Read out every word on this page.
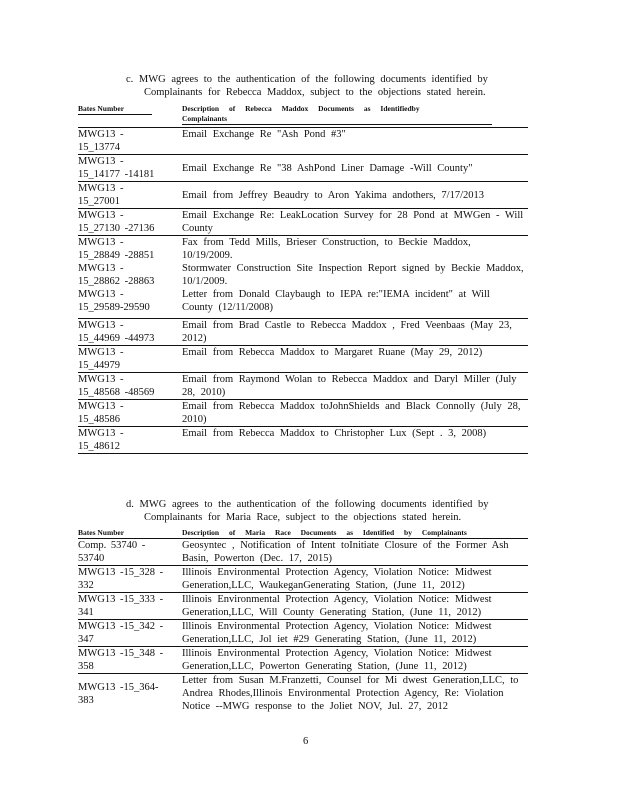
c. MWG agrees to the authentication of the following documents identified by
Complainants for Rebecca Maddox, subject to the objections stated herein.
Bates Number	Description of Rebecca Maddox Documents as Identifiedby
Complainants
MWG13 -
15_13774
Email Exchange Re "Ash Pond #3"
MWG13 -
15_14177 -14181
Email Exchange Re "38 AshPond Liner Damage -Will County"
MWG13 -
15_27001
Email from Jeffrey Beaudry to Aron Yakima andothers, 7/17/2013
MWG13 -
15_27130 -27136
Email Exchange Re: LeakLocation Survey for 28 Pond at MWGen - Will County
MWG13 -
15_28849 -28851
Fax from Tedd Mills, Brieser Construction, to Beckie Maddox, 10/19/2009.
MWG13 -
15_28862 -28863
Stormwater Construction Site Inspection Report signed by Beckie Maddox, 10/1/2009.
MWG13 -
15_29589-29590
Letter from Donald Claybaugh to IEPA re:"IEMA incident" at Will County (12/11/2008)
MWG13 -
15_44969 -44973
Email from Brad Castle to Rebecca Maddox , Fred Veenbaas (May 23, 2012)
MWG13 -
15_44979
Email from Rebecca Maddox to Margaret Ruane (May 29, 2012)
MWG13 -
15_48568 -48569
Email from Raymond Wolan to Rebecca Maddox and Daryl Miller (July 28, 2010)
MWG13 -
15_48586
Email from Rebecca Maddox toJohnShields and Black Connolly (July 28, 2010)
MWG13 -
15_48612
Email from Rebecca Maddox to Christopher Lux (Sept . 3, 2008)
d. MWG agrees to the authentication of the following documents identified by
Complainants for Maria Race, subject to the objections stated herein.
Bates Number	Description of Maria Race Documents as Identified by Complainants
Comp. 53740 -
53740
Geosyntec , Notification of Intent toInitiate Closure of the Former Ash Basin, Powerton (Dec. 17, 2015)
MWG13 -15_328 -
332
Illinois Environmental Protection Agency, Violation Notice: Midwest Generation,LLC, WaukeganGenerating Station, (June 11, 2012)
MWG13 -15_333 -
341
Illinois Environmental Protection Agency, Violation Notice: Midwest Generation,LLC, Will County Generating Station, (June 11, 2012)
MWG13 -15_342 -
347
Illinois Environmental Protection Agency, Violation Notice: Midwest Generation,LLC, Jol iet #29 Generating Station, (June 11, 2012)
MWG13 -15_348 -
358
Illinois Environmental Protection Agency, Violation Notice: Midwest Generation,LLC, Powerton Generating Station, (June 11, 2012)
MWG13 -15_364-
383
Letter from Susan M.Franzetti, Counsel for Mi dwest Generation,LLC, to Andrea Rhodes,Illinois Environmental Protection Agency, Re: Violation Notice --MWG response to the Joliet NOV, Jul. 27, 2012
6
